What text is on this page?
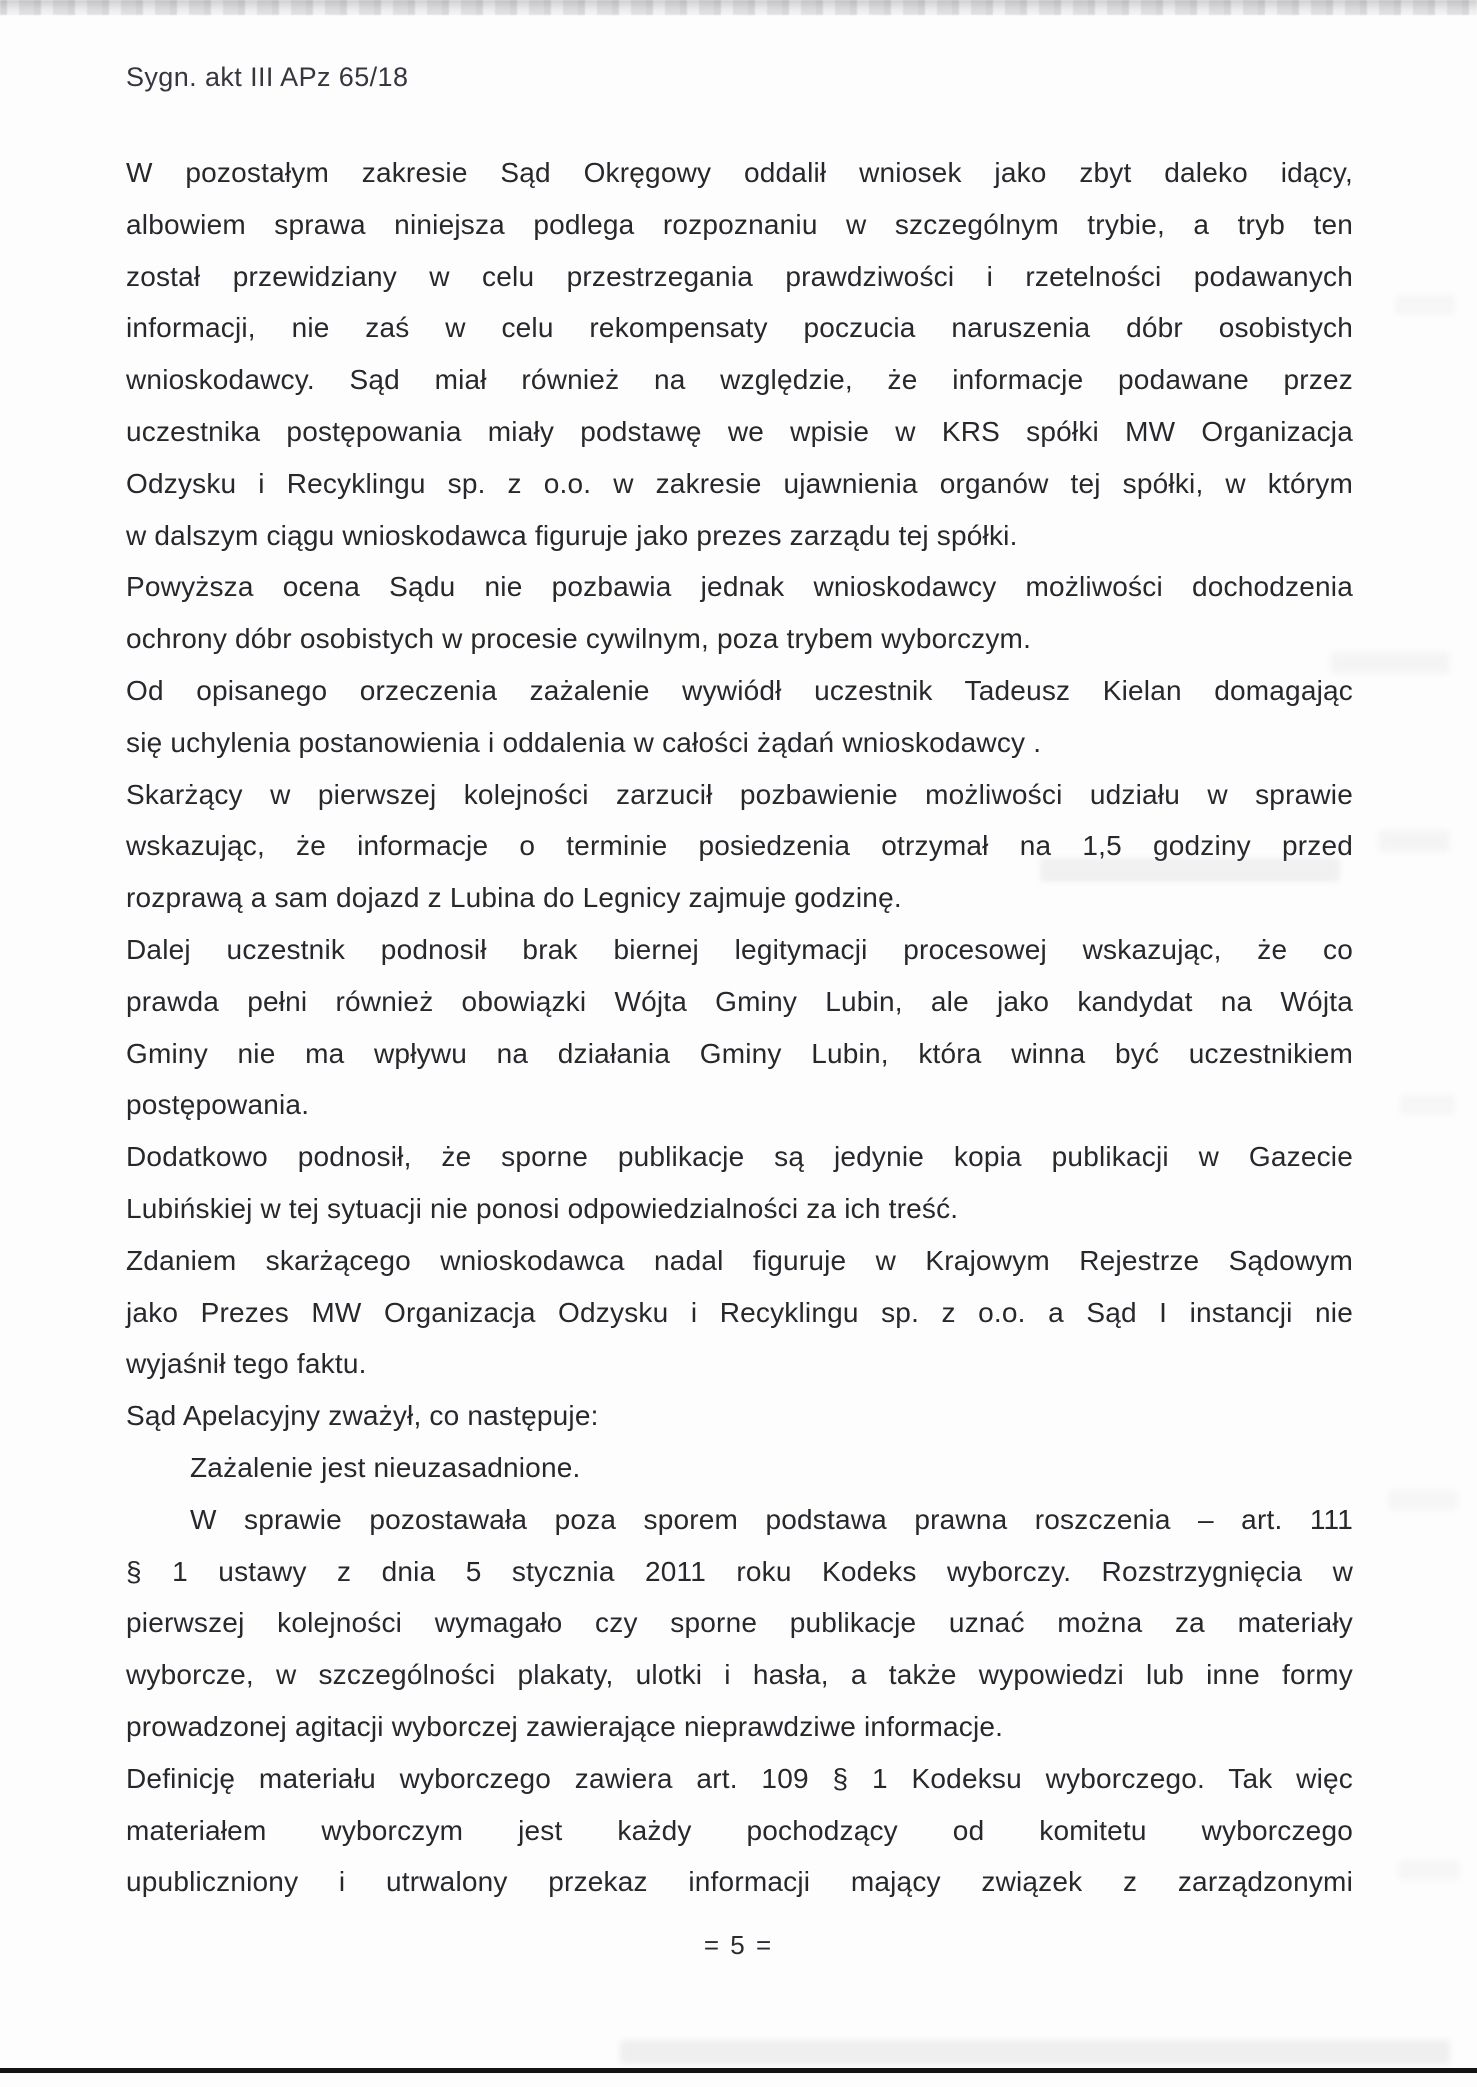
Sygn. akt III APz 65/18
W pozostałym zakresie Sąd Okręgowy oddalił wniosek jako zbyt daleko idący,
albowiem sprawa niniejsza podlega rozpoznaniu w szczególnym trybie, a tryb ten
został przewidziany w celu przestrzegania prawdziwości i rzetelności podawanych
informacji, nie zaś w celu rekompensaty poczucia naruszenia dóbr osobistych
wnioskodawcy. Sąd miał również na względzie, że informacje podawane przez
uczestnika postępowania miały podstawę we wpisie w KRS spółki MW Organizacja
Odzysku i Recyklingu sp. z o.o. w zakresie ujawnienia organów tej spółki, w którym
w dalszym ciągu wnioskodawca figuruje jako prezes zarządu tej spółki.
Powyższa ocena Sądu nie pozbawia jednak wnioskodawcy możliwości dochodzenia
ochrony dóbr osobistych w procesie cywilnym, poza trybem wyborczym.
Od opisanego orzeczenia zażalenie wywiódł uczestnik Tadeusz Kielan domagając
się uchylenia postanowienia i oddalenia w całości żądań wnioskodawcy .
Skarżący w pierwszej kolejności zarzucił pozbawienie możliwości udziału w sprawie
wskazując, że informacje o terminie posiedzenia otrzymał na 1,5 godziny przed
rozprawą a sam dojazd z Lubina do Legnicy zajmuje godzinę.
Dalej uczestnik podnosił brak biernej legitymacji procesowej wskazując, że co
prawda pełni również obowiązki Wójta Gminy Lubin, ale jako kandydat na Wójta
Gminy nie ma wpływu na działania Gminy Lubin, która winna być uczestnikiem
postępowania.
Dodatkowo podnosił, że sporne publikacje są jedynie kopia publikacji w Gazecie
Lubińskiej w tej sytuacji nie ponosi odpowiedzialności za ich treść.
Zdaniem skarżącego wnioskodawca nadal figuruje w Krajowym Rejestrze Sądowym
jako Prezes MW Organizacja Odzysku i Recyklingu sp. z o.o. a Sąd I instancji nie
wyjaśnił tego faktu.
Sąd Apelacyjny zważył, co następuje:
Zażalenie jest nieuzasadnione.
W sprawie pozostawała poza sporem podstawa prawna roszczenia – art. 111
§ 1 ustawy z dnia 5 stycznia 2011 roku Kodeks wyborczy. Rozstrzygnięcia w
pierwszej kolejności wymagało czy sporne publikacje uznać można za materiały
wyborcze, w szczególności plakaty, ulotki i hasła, a także wypowiedzi lub inne formy
prowadzonej agitacji wyborczej zawierające nieprawdziwe informacje.
Definicję materiału wyborczego zawiera art. 109 § 1 Kodeksu wyborczego. Tak więc
materiałem wyborczym jest każdy pochodzący od komitetu wyborczego
upubliczniony i utrwalony przekaz informacji mający związek z zarządzonymi
= 5 =
